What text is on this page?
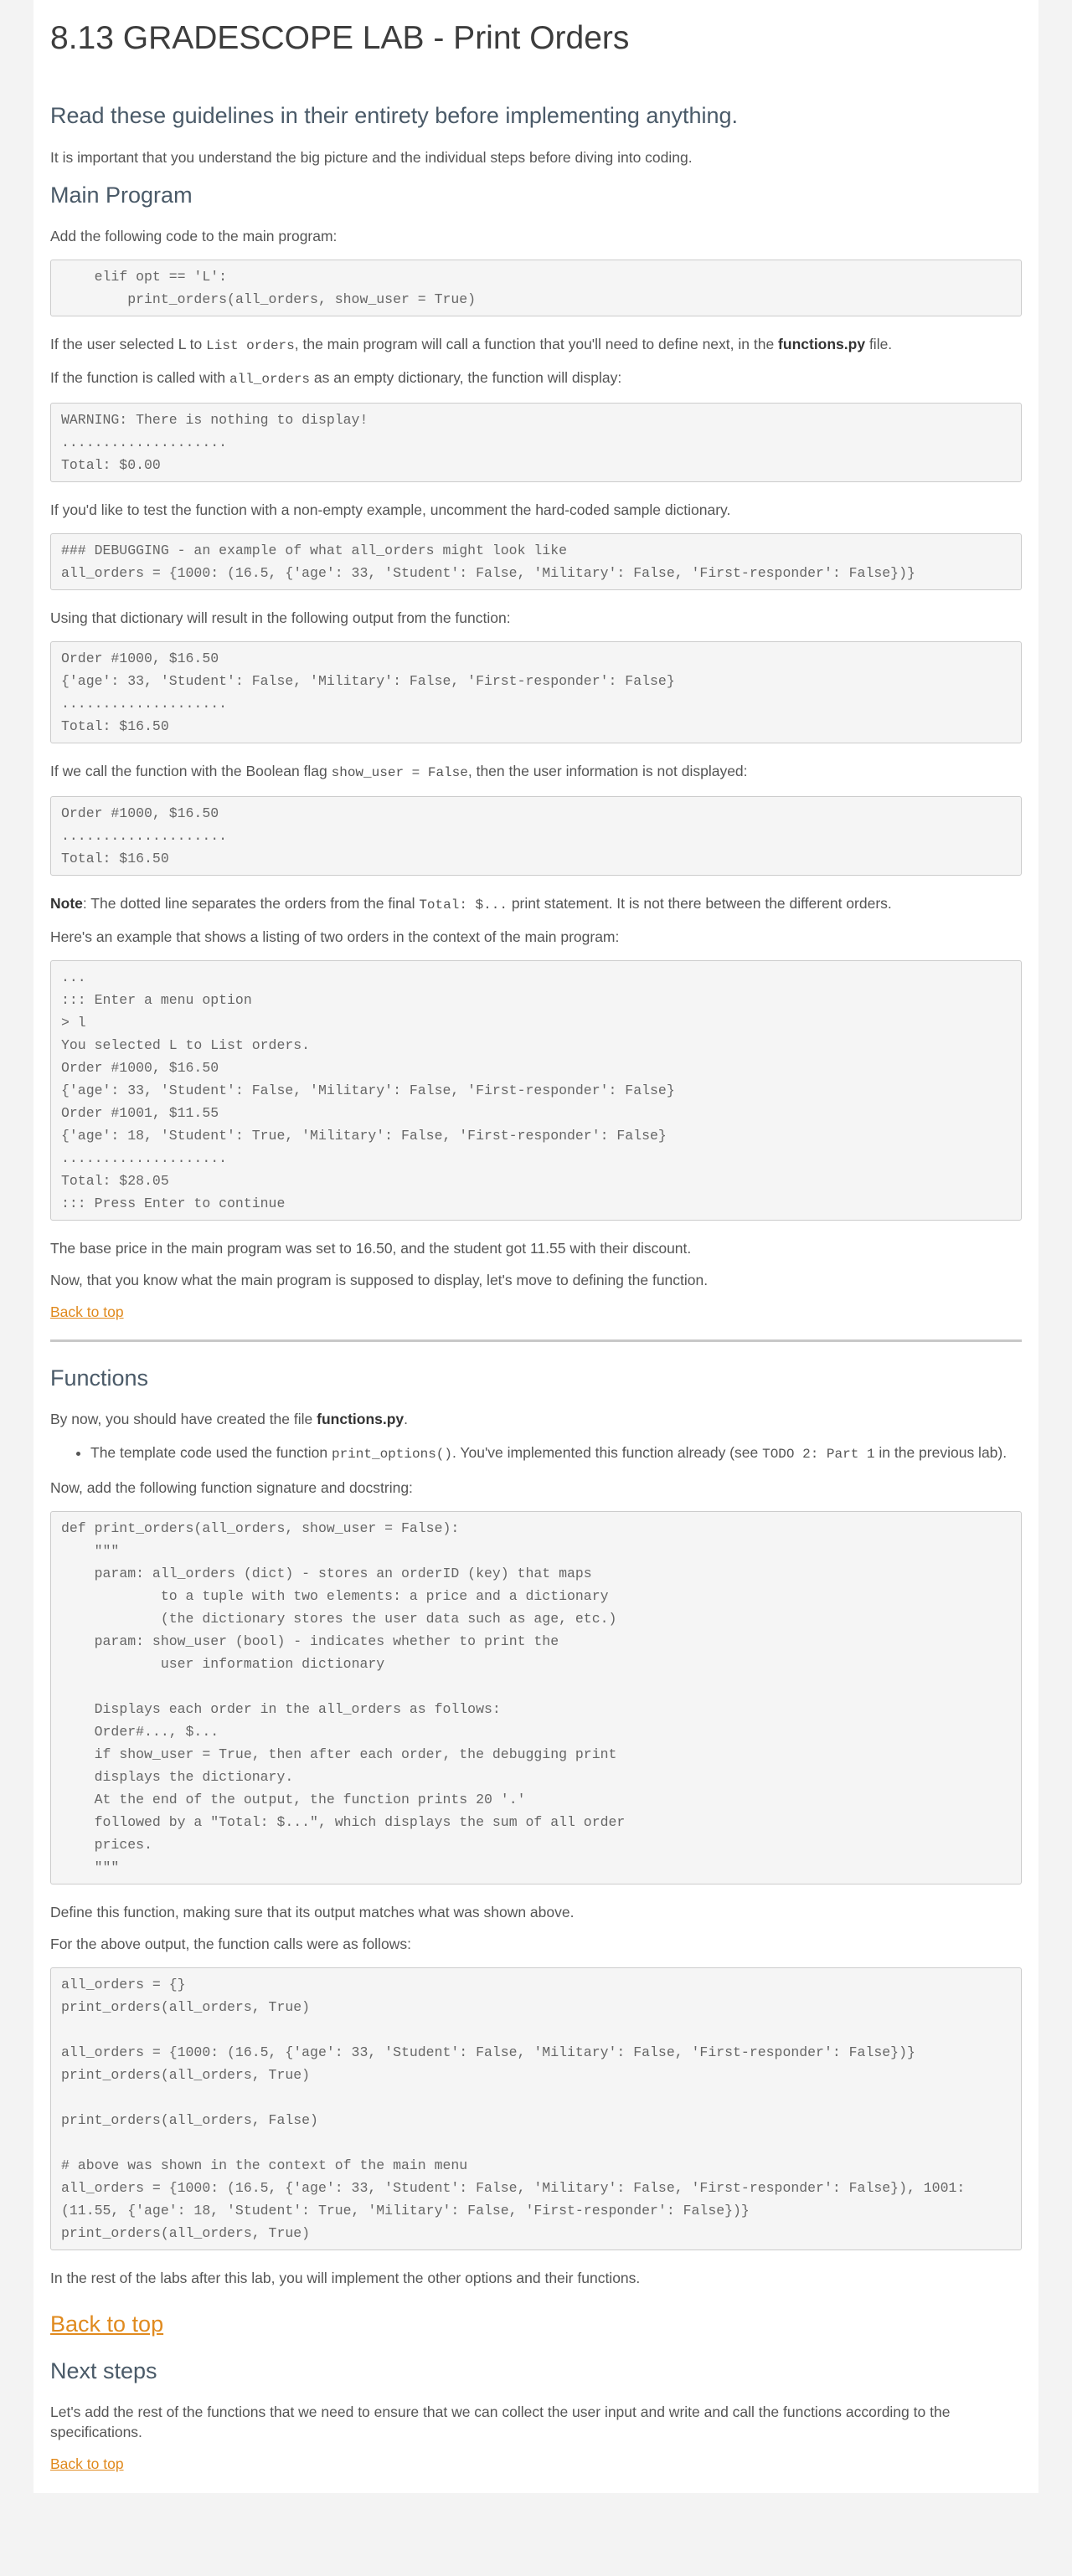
8.13 GRADESCOPE LAB - Print Orders
Read these guidelines in their entirety before implementing anything.

It is important that you understand the big picture and the individual steps before diving into coding.

Main Program

Add the following code to the main program:

elif opt == 'L':
print_orders(all_orders, show_user = True)

If the user selected L to List orders, the main program will call a function that you'll need to define next, in the functions.py file.

If the function is called with all_orders as an empty dictionary, the function will display:

WARNING: There is nothing to display!
....................
Total: $0.00

If you'd like to test the function with a non-empty example, uncomment the hard-coded sample dictionary.

### DEBUGGING - an example of what all_orders might look like
all_orders = {1000: (16.5, {'age': 33, 'Student': False, 'Military': False, 'First-responder': False})}

Using that dictionary will result in the following output from the function:

Order #1000, $16.50
{'age': 33, 'Student': False, 'Military': False, 'First-responder': False}
....................
Total: $16.50

If we call the function with the Boolean flag show_user = False, then the user information is not displayed:

Order #1000, $16.50
....................
Total: $16.50

Note: The dotted line separates the orders from the final Total: $... print statement. It is not there between the different orders.

Here's an example that shows a listing of two orders in the context of the main program:

...
::: Enter a menu option
> l
You selected L to List orders.
Order #1000, $16.50
{'age': 33, 'Student': False, 'Military': False, 'First-responder': False}
Order #1001, $11.55
{'age': 18, 'Student': True, 'Military': False, 'First-responder': False}
....................
Total: $28.05
::: Press Enter to continue

The base price in the main program was set to 16.50, and the student got 11.55 with their discount.

Now, that you know what the main program is supposed to display, let's move to defining the function.

Back to top
Functions

By now, you should have created the file functions.py.

• The template code used the function print_options(). You've implemented this function already (see TODO 2: Part 1 in the previous lab).

Now, add the following function signature and docstring:

def print_orders(all_orders, show_user = False):
"""
param: all_orders (dict) - stores an orderID (key) that maps
to a tuple with two elements: a price and a dictionary
(the dictionary stores the user data such as age, etc.)
param: show_user (bool) - indicates whether to print the
user information dictionary

Displays each order in the all_orders as follows:
Order#..., $...
if show_user = True, then after each order, the debugging print
displays the dictionary.
At the end of the output, the function prints 20 '.'
followed by a "Total: $...", which displays the sum of all order
prices.
"""

Define this function, making sure that its output matches what was shown above.

For the above output, the function calls were as follows:

all_orders = {}
print_orders(all_orders, True)

all_orders = {1000: (16.5, {'age': 33, 'Student': False, 'Military': False, 'First-responder': False})}
print_orders(all_orders, True)

print_orders(all_orders, False)

# above was shown in the context of the main menu
all_orders = {1000: (16.5, {'age': 33, 'Student': False, 'Military': False, 'First-responder': False}), 1001: (11.55, {'age': 18, 'Student': True, 'Military': False, 'First-responder': False})}
print_orders(all_orders, True)

In the rest of the labs after this lab, you will implement the other options and their functions.

Back to top
Next steps

Let's add the rest of the functions that we need to ensure that we can collect the user input and write and call the functions according to the specifications.

Back to top
